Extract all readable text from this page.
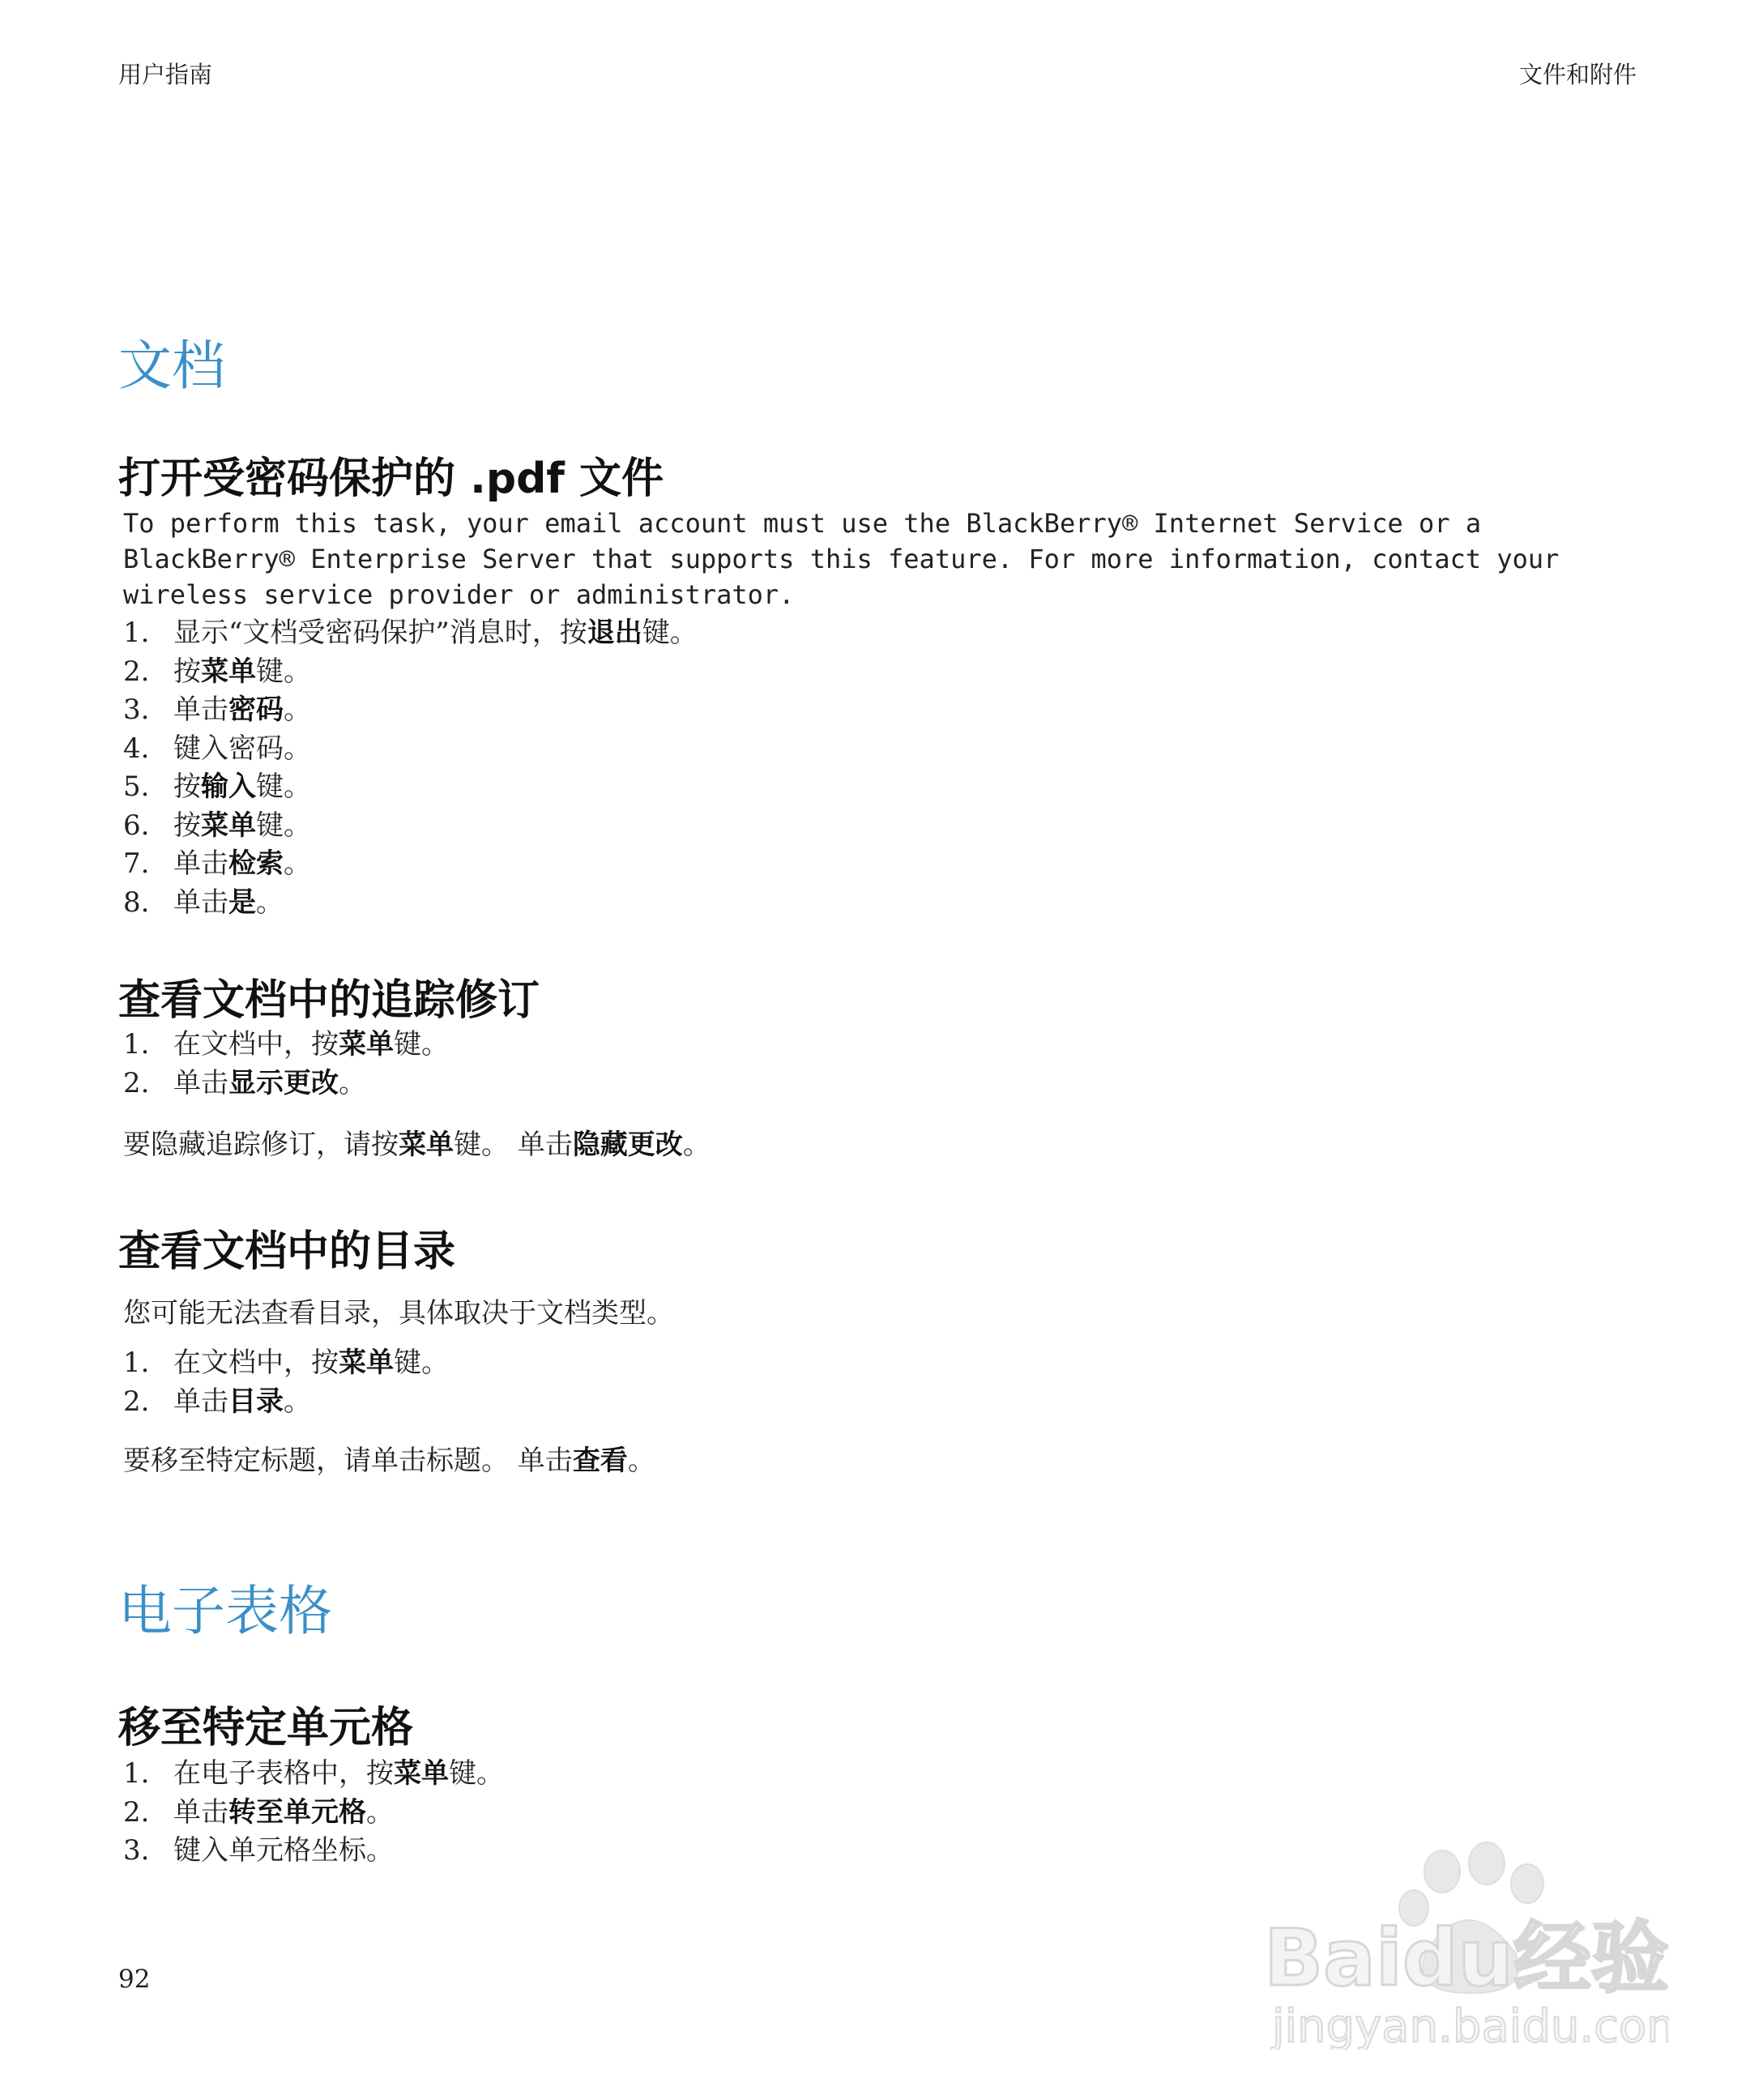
用户指南	文件和附件
文档
打开受密码保护的 .pdf 文件

To perform this task, your email account must use the BlackBerry® Internet Service or a BlackBerry® Enterprise Server that supports this feature. For more information, contact your wireless service provider or administrator.

1. 显示“文档受密码保护”消息时，按退出键。
2. 按菜单键。
3. 单击密码。
4. 键入密码。
5. 按输入键。
6. 按菜单键。
7. 单击检索。
8. 单击是。
查看文档中的追踪修订
1. 在文档中，按菜单键。
2. 单击显示更改。

要隐藏追踪修订，请按菜单键。 单击隐藏更改。

查看文档中的目录

您可能无法查看目录，具体取决于文档类型。

1. 在文档中，按菜单键。
2. 单击目录。

要移至特定标题，请单击标题。 单击查看。

电子表格
移至特定单元格
1. 在电子表格中，按菜单键。
2. 单击转至单元格。
3. 键入单元格坐标。
92	Baidu经验
jingyan.baidu.com
